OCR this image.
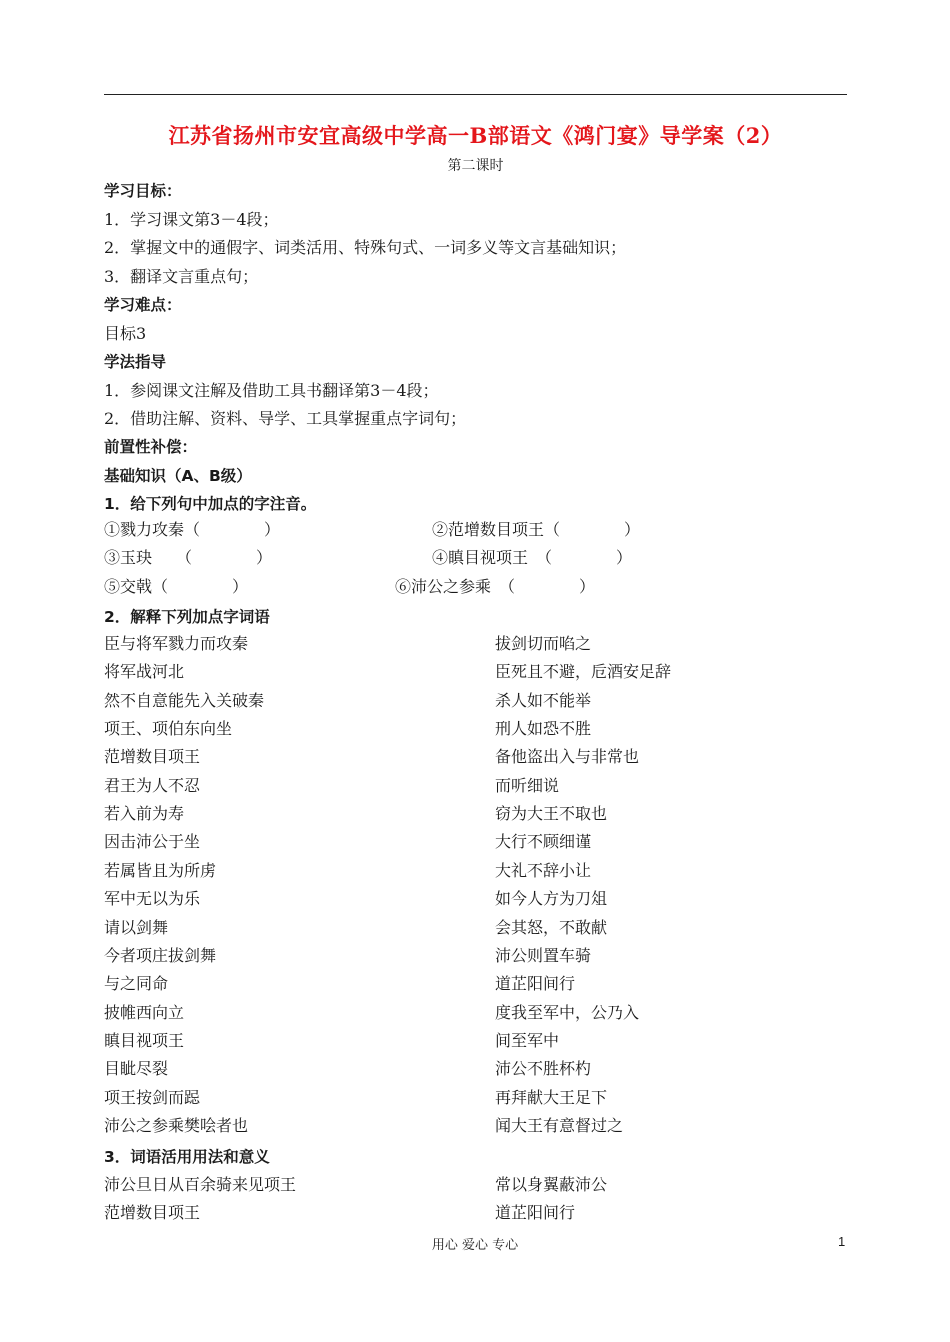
江苏省扬州市安宜高级中学高一B部语文《鸿门宴》导学案（2）
第二课时
学习目标：
1．学习课文第3－4段；
2．掌握文中的通假字、词类活用、特殊句式、一词多义等文言基础知识；
3．翻译文言重点句；
学习难点：
目标3
学法指导
1．参阅课文注解及借助工具书翻译第3－4段；
2．借助注解、资料、导学、工具掌握重点字词句；
前置性补偿：
基础知识（A、B级）
1．给下列句中加点的字注音。
①戮力攻秦（　　　　）	②范增数目项王（　　　　）
③玉玦　　（　　　　）	④瞋目视项王　（　　　　）
⑤交戟（　　　　）	⑥沛公之参乘　（　　　　）
2．解释下列加点字词语
臣与将军戮力而攻秦	拔剑切而啗之
将军战河北	臣死且不避，卮酒安足辞
然不自意能先入关破秦	杀人如不能举
项王、项伯东向坐	刑人如恐不胜
范增数目项王	备他盗出入与非常也
君王为人不忍	而听细说
若入前为寿	窃为大王不取也
因击沛公于坐	大行不顾细谨
若属皆且为所虏	大礼不辞小让
军中无以为乐	如今人方为刀俎
请以剑舞	会其怒，不敢献
今者项庄拔剑舞	沛公则置车骑
与之同命	道芷阳间行
披帷西向立	度我至军中，公乃入
瞋目视项王	间至军中
目眦尽裂	沛公不胜杯杓
项王按剑而跽	再拜献大王足下
沛公之参乘樊哙者也	闻大王有意督过之
3．词语活用用法和意义
沛公旦日从百余骑来见项王	常以身翼蔽沛公
范增数目项王	道芷阳间行
用心 爱心 专心	1
